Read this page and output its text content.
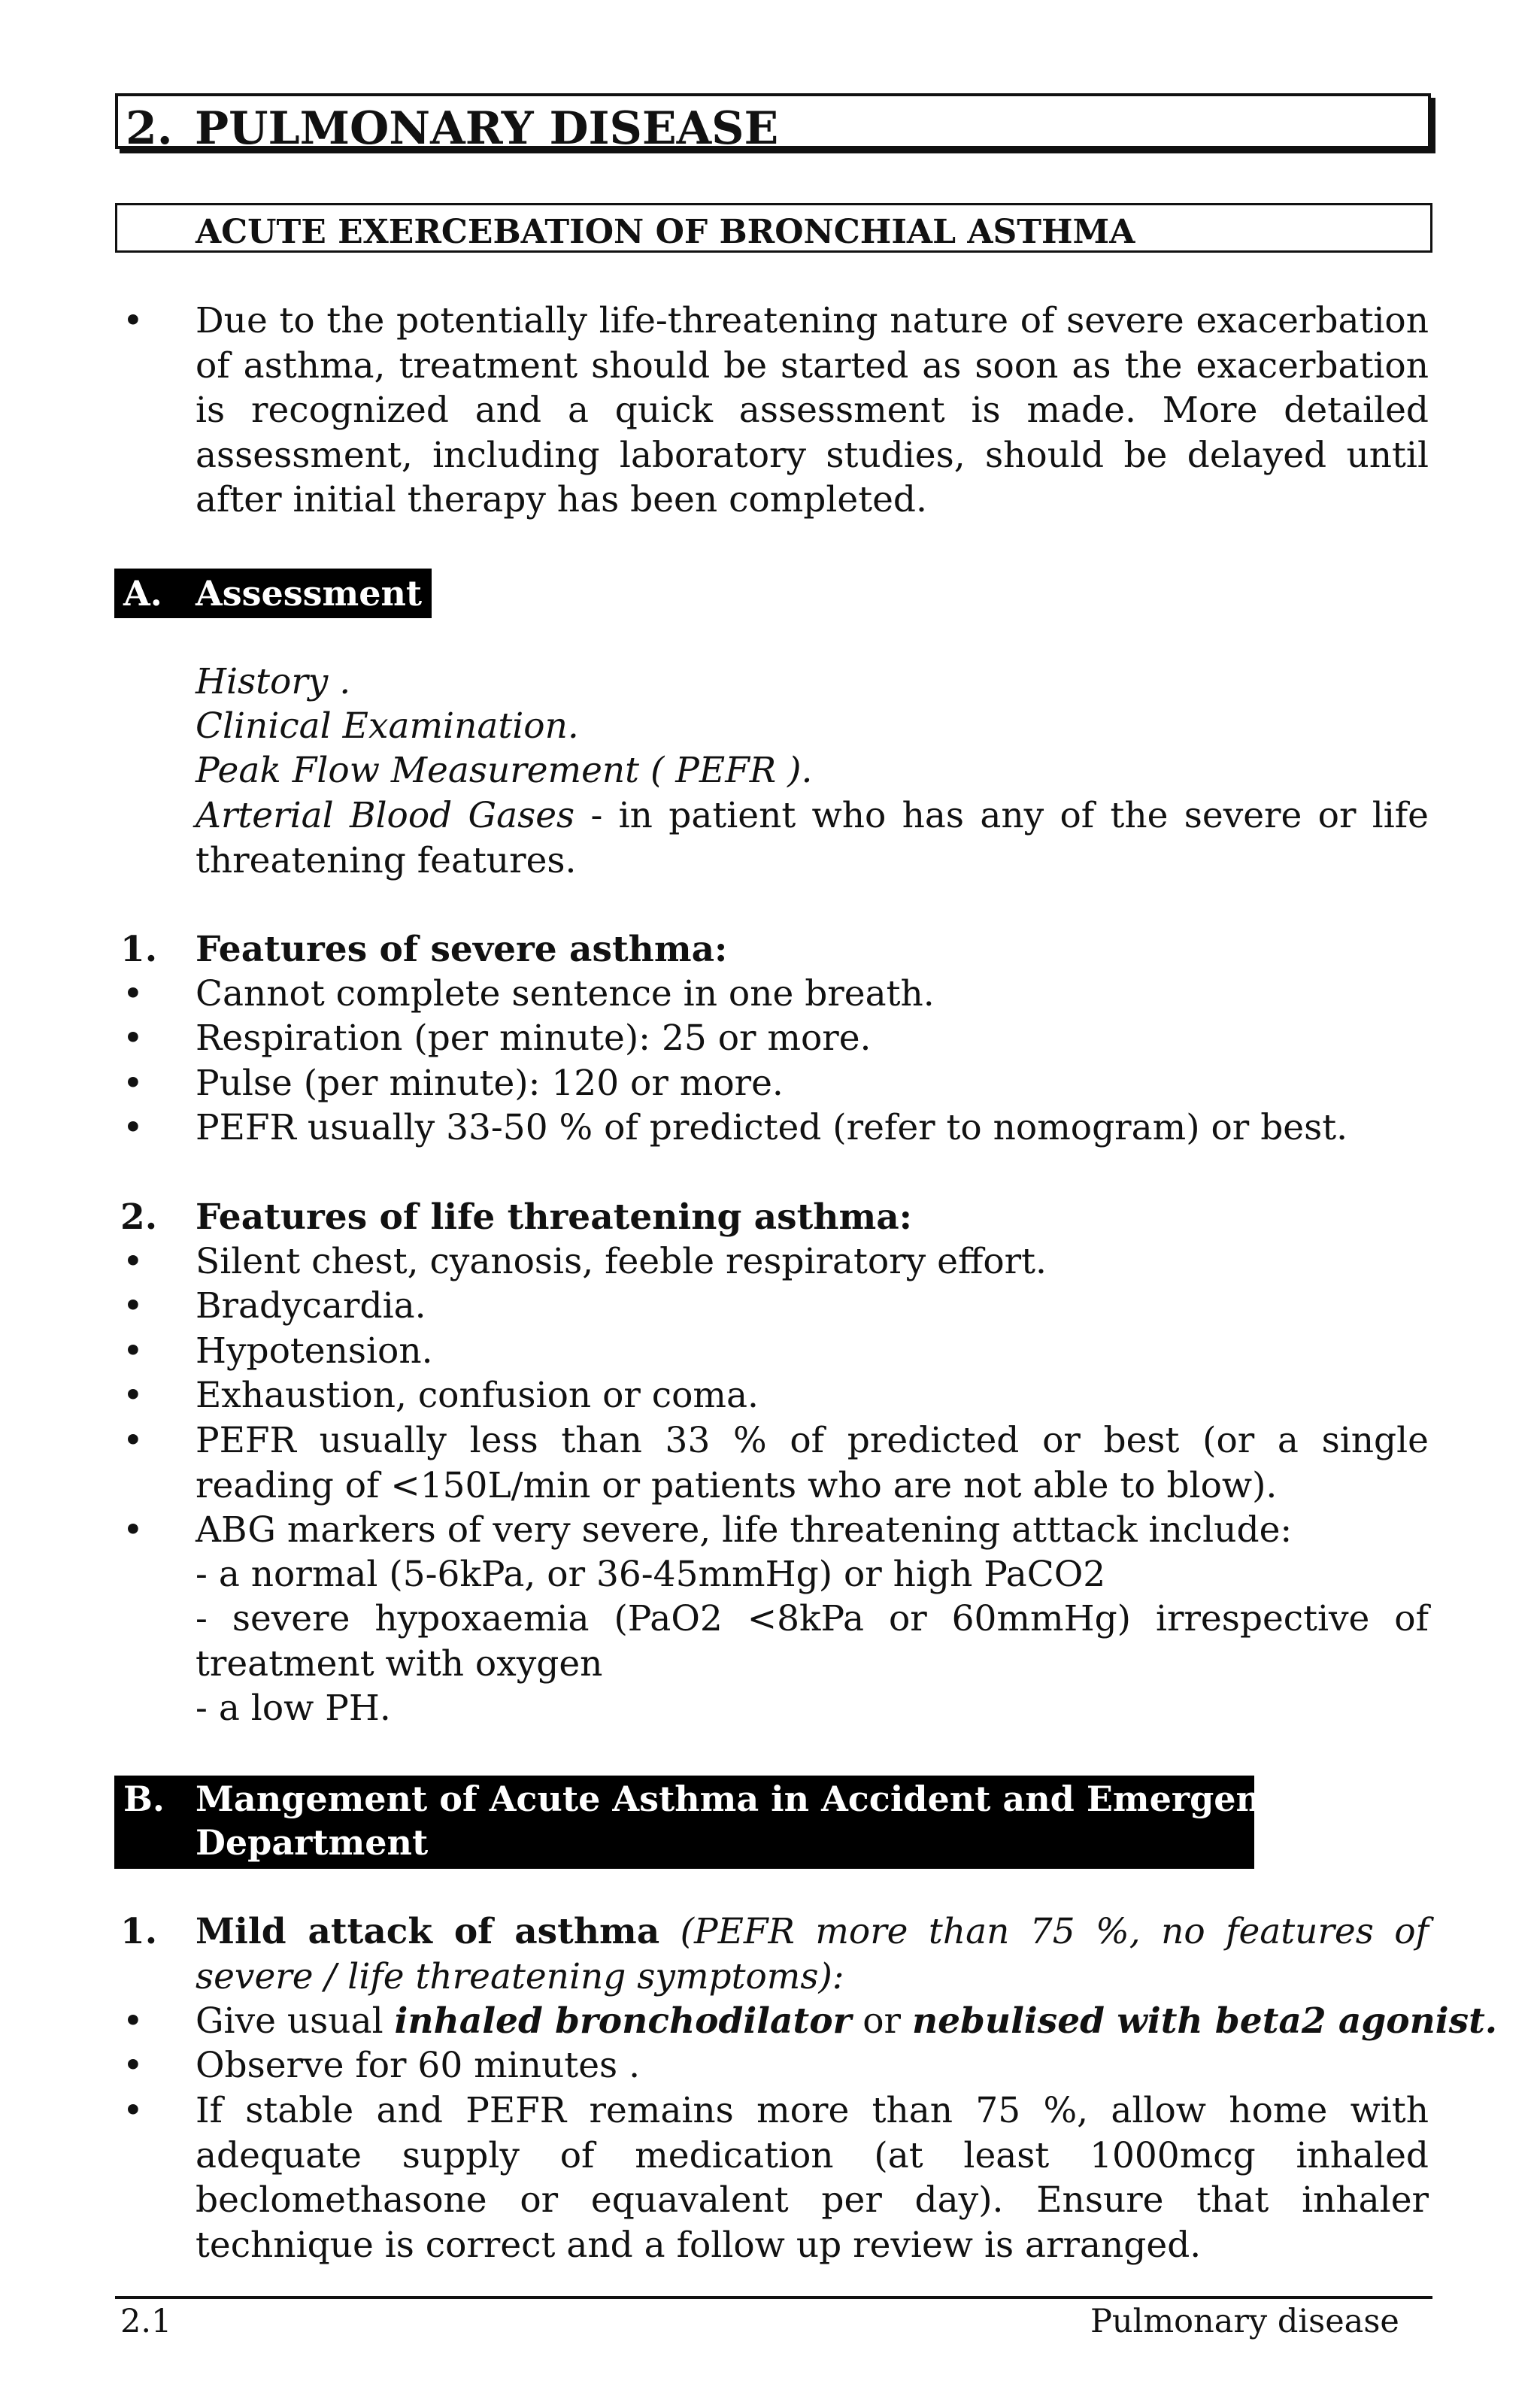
2. PULMONARY DISEASE
ACUTE EXERCEBATION OF BRONCHIAL ASTHMA
• Due to the potentially life-threatening nature of severe exacerbation of asthma, treatment should be started as soon as the exacerbation is recognized and a quick assessment is made. More detailed assessment, including laboratory studies, should be delayed until after initial therapy has been completed.
A. Assessment
History .
Clinical Examination.
Peak Flow Measurement ( PEFR ).
Arterial Blood Gases - in patient who has any of the severe or life threatening features.
1. Features of severe asthma:
• Cannot complete sentence in one breath.
• Respiration (per minute): 25 or more.
• Pulse (per minute): 120 or more.
• PEFR usually 33-50 % of predicted (refer to nomogram) or best.
2. Features of life threatening asthma:
• Silent chest, cyanosis, feeble respiratory effort.
• Bradycardia.
• Hypotension.
• Exhaustion, confusion or coma.
• PEFR usually less than 33 % of predicted or best (or a single reading of <150L/min or patients who are not able to blow).
• ABG markers of very severe, life threatening atttack include:
- a normal (5-6kPa, or 36-45mmHg) or high PaCO2
- severe hypoxaemia (PaO2 <8kPa or 60mmHg) irrespective of treatment with oxygen
- a low PH.
B. Mangement of Acute Asthma in Accident and Emergency
Department
1. Mild attack of asthma (PEFR more than 75 %, no features of severe / life threatening symptoms):
• Give usual inhaled bronchodilator or nebulised with beta2 agonist.
• Observe for 60 minutes .
• If stable and PEFR remains more than 75 %, allow home with adequate supply of medication (at least 1000mcg inhaled beclomethasone or equavalent per day). Ensure that inhaler technique is correct and a follow up review is arranged.
2.1	Pulmonary disease
